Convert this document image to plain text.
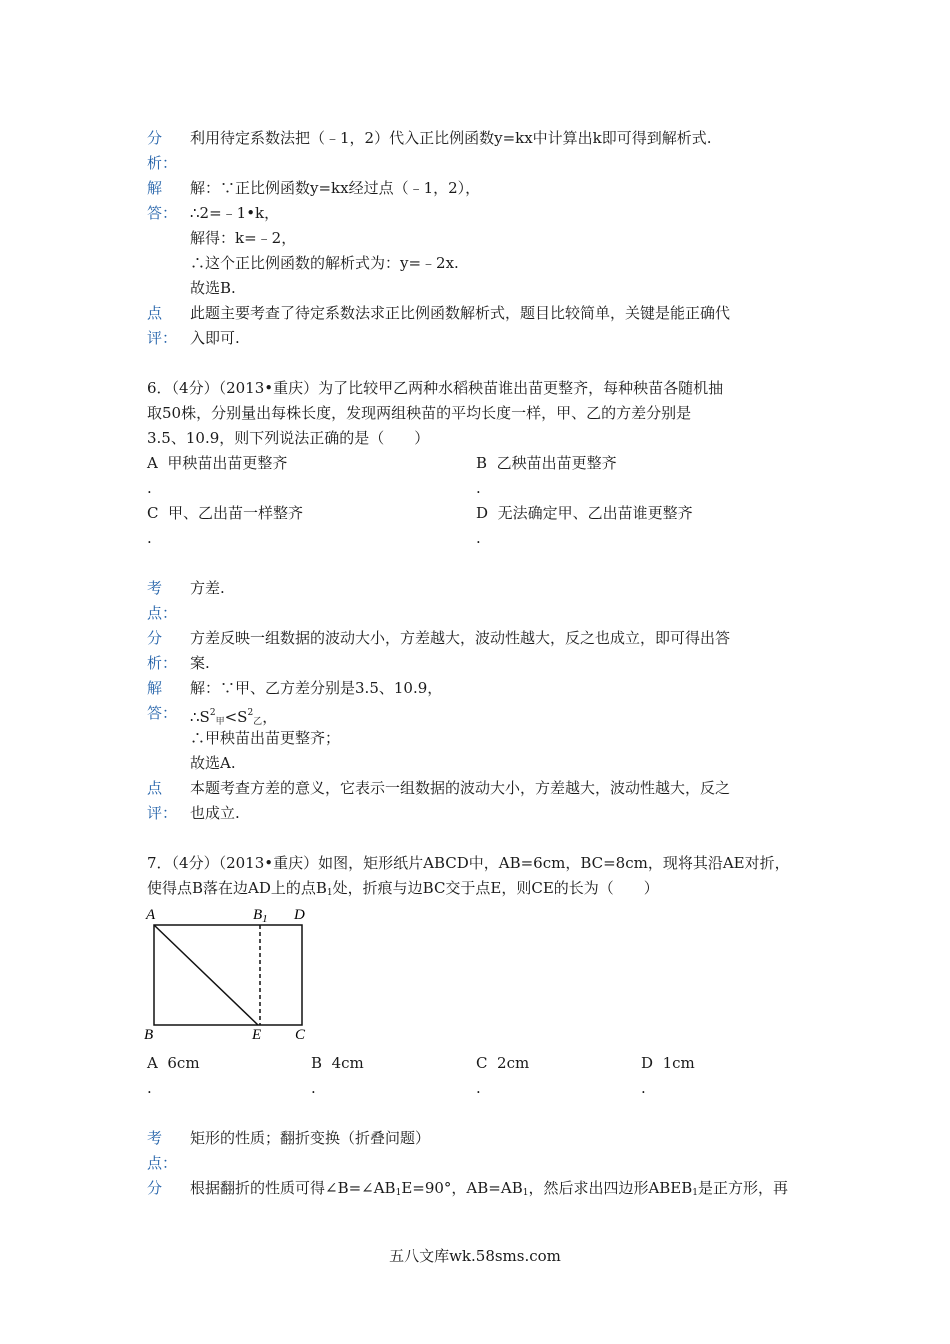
分 利用待定系数法把（﹣1，2）代入正比例函数y=kx中计算出k即可得到解析式.
析：
解
答：
解：∵正比例函数y=kx经过点（﹣1，2），
∴2=﹣1•k，
解得：k=﹣2，
∴这个正比例函数的解析式为：y=﹣2x.
故选B.
点
评：
此题主要考查了待定系数法求正比例函数解析式，题目比较简单，关键是能正确代
入即可.
6．（4分）（2013•重庆）为了比较甲乙两种水稻秧苗谁出苗更整齐，每种秧苗各随机抽
取50株，分别量出每株长度，发现两组秧苗的平均长度一样，甲、乙的方差分别是
3.5、10.9，则下列说法正确的是（　　）
A 甲秧苗出苗更整齐
.
B 乙秧苗出苗更整齐
.
C 甲、乙出苗一样整齐
.
D 无法确定甲、乙出苗谁更整齐
.
考
点：
方差.
分
析：
方差反映一组数据的波动大小，方差越大，波动性越大，反之也成立，即可得出答
案.
解
答：
解：∵甲、乙方差分别是3.5、10.9，
$\therefore S^2_甲<S^2_乙$，
∴甲秧苗出苗更整齐；
故选A.
点
评：
本题考查方差的意义，它表示一组数据的波动大小，方差越大，波动性越大，反之
也成立.
7．（4分）（2013•重庆）如图，矩形纸片ABCD中，AB=6cm，BC=8cm，现将其沿AE对折，
使得点B落在边AD上的点$B_1$处，折痕与边BC交于点E，则CE的长为（　　）
A	$B_1$ D
B	E C
A 6cm
.
B 4cm
.
C 2cm
.
D 1cm
.
考
点：
矩形的性质；翻折变换（折叠问题）
分 根据翻折的性质可得$\angle B=\angle AB_1E=90^\circ$，$AB=AB_1$，然后求出四边形$ABEB_1$是正方形，再
五八文库wk.58sms.com
